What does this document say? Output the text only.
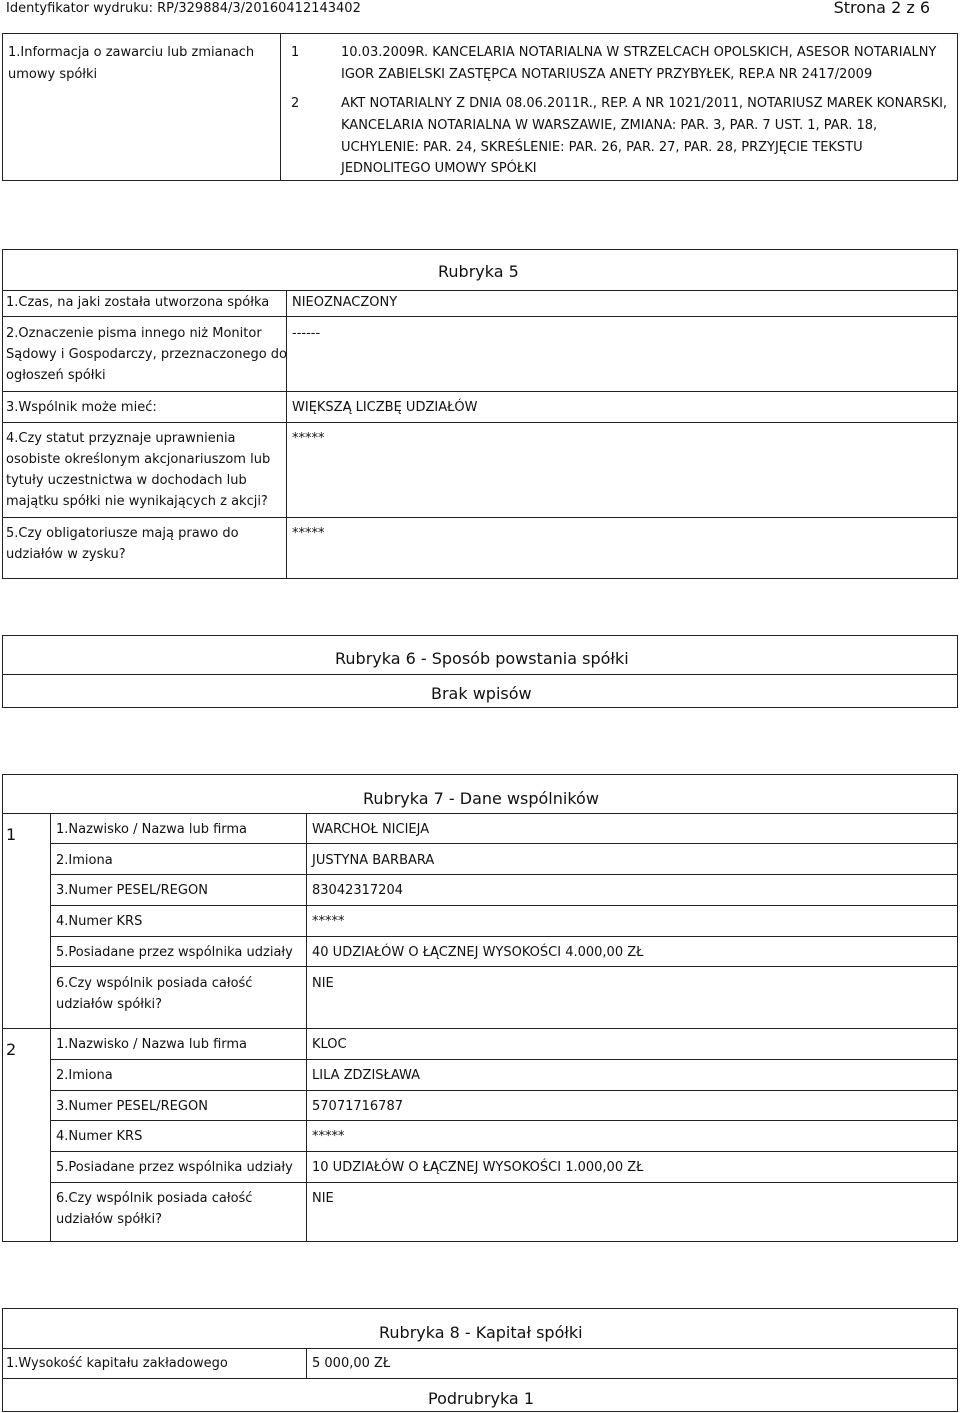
Identyfikator wydruku: RP/329884/3/20160412143402	Strona 2 z 6
1.Informacja o zawarciu lub zmianach
umowy spółki
1	10.03.2009R. KANCELARIA NOTARIALNA W STRZELCACH OPOLSKICH, ASESOR NOTARIALNY
IGOR ZABIELSKI ZASTĘPCA NOTARIUSZA ANETY PRZYBYŁEK, REP.A NR 2417/2009
2	AKT NOTARIALNY Z DNIA 08.06.2011R., REP. A NR 1021/2011, NOTARIUSZ MAREK KONARSKI,
KANCELARIA NOTARIALNA W WARSZAWIE, ZMIANA: PAR. 3, PAR. 7 UST. 1, PAR. 18,
UCHYLENIE: PAR. 24, SKREŚLENIE: PAR. 26, PAR. 27, PAR. 28, PRZYJĘCIE TEKSTU
JEDNOLITEGO UMOWY SPÓŁKI
Rubryka 5
1.Czas, na jaki została utworzona spółka NIEOZNACZONY
2.Oznaczenie pisma innego niż Monitor
Sądowy i Gospodarczy, przeznaczonego do
ogłoszeń spółki
------
3.Wspólnik może mieć:	WIĘKSZĄ LICZBĘ UDZIAŁÓW
4.Czy statut przyznaje uprawnienia
osobiste określonym akcjonariuszom lub
tytuły uczestnictwa w dochodach lub
majątku spółki nie wynikających z akcji?
*****
5.Czy obligatoriusze mają prawo do
udziałów w zysku?
*****
Rubryka 6 - Sposób powstania spółki
Brak wpisów
Rubryka 7 - Dane wspólników
1	1.Nazwisko / Nazwa lub firma	WARCHOŁ NICIEJA
2.Imiona	JUSTYNA BARBARA
3.Numer PESEL/REGON	83042317204
4.Numer KRS	*****
5.Posiadane przez wspólnika udziały 40 UDZIAŁÓW O ŁĄCZNEJ WYSOKOŚCI 4.000,00 ZŁ
6.Czy wspólnik posiada całość
udziałów spółki?
NIE
2	1.Nazwisko / Nazwa lub firma	KLOC
2.Imiona	LILA ZDZISŁAWA
3.Numer PESEL/REGON	57071716787
4.Numer KRS	*****
5.Posiadane przez wspólnika udziały 10 UDZIAŁÓW O ŁĄCZNEJ WYSOKOŚCI 1.000,00 ZŁ
6.Czy wspólnik posiada całość
udziałów spółki?
NIE
Rubryka 8 - Kapitał spółki
1.Wysokość kapitału zakładowego	5 000,00 ZŁ
Podrubryka 1
